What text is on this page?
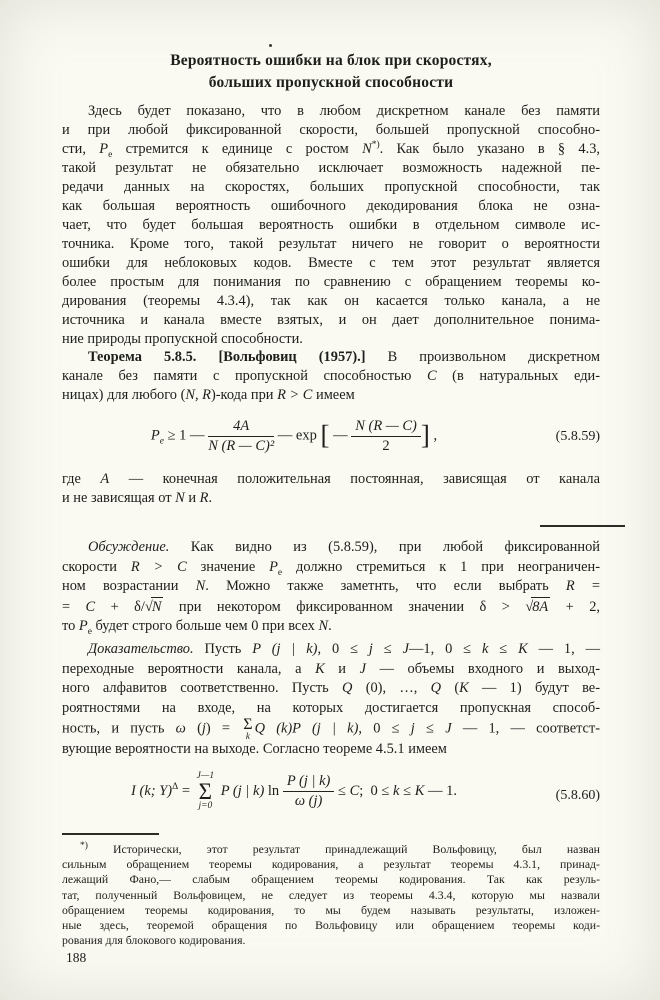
Вероятность ошибки на блок при скоростях,
больших пропускной способности
Здесь будет показано, что в любом дискретном канале без памяти
и при любой фиксированной скорости, большей пропускной способно-
сти, $P_e$ стремится к единице с ростом N*). Как было указано в § 4.3,
такой результат не обязательно исключает возможность надежной пе-
редачи данных на скоростях, больших пропускной способности, так
как большая вероятность ошибочного декодирования блока не озна-
чает, что будет большая вероятность ошибки в отдельном символе ис-
точника. Кроме того, такой результат ничего не говорит о вероятности
ошибки для неблоковых кодов. Вместе с тем этот результат является
более простым для понимания по сравнению с обращением теоремы ко-
дирования (теоремы 4.3.4), так как он касается только канала, а не
источника и канала вместе взятых, и он дает дополнительное понима-
ние природы пропускной способности.
Теорема 5.8.5. [Вольфовиц (1957).] В произвольном дискретном
канале без памяти с пропускной способностью C (в натуральных еди-
ницах) для любого (N, R)-кода при R > C имеем
$P_e \ge 1$ — $\frac{4A}{\text{N (R — C)²}}$ — exp [ — $\frac{N (R — C)}{2}$ ] ,	(5.8.59)
где A — конечная положительная постоянная, зависящая от канала
и не зависящая от N и R.
Обсуждение. Как видно из (5.8.59), при любой фиксированной
скорости R > C значение $P_e$ должно стремиться к 1 при неограничен-
ном возрастании N. Можно также заметнть, что если выбрать R =
= C + δ/√N при некотором фиксированном значении δ > √8A + 2,
то $P_e$ будет строго больше чем 0 при всех N.
Доказательство. Пусть P (j | k), 0 ≤ j ≤ J—1, 0 ≤ k ≤ K — 1, —
переходные вероятности канала, а K и J — объемы входного и выход-
ного алфавитов соответственно. Пусть Q (0), …, Q (K — 1) будут ве-
роятностями на входе, на которых достигается пропускная способ-
ность, и пусть ω (j) = Σ
k Q (k)P (j | k), 0 ≤ j ≤ J — 1, — соответст-
вующие вероятности на выходе. Согласно теореме 4.5.1 имеем
I (k; Y)$^\Delta$ =
J—1
Σ
j=0
P (j | k) $\ln \frac{P (j | k)}{\omega (j)} \le C$;  0 ≤ k ≤ K — 1.	(5.8.60)
*) Исторически, этот результат принадлежащий Вольфовицу, был назван
сильным обращением теоремы кодирования, а результат теоремы 4.3.1, принад-
лежащий Фано,— слабым обращением теоремы кодирования. Так как резуль-
тат, полученный Вольфовицем, не следует из теоремы 4.3.4, которую мы назвали
обращением теоремы кодирования, то мы будем называть результаты, изложен-
ные здесь, теоремой обращения по Вольфовицу или обращением теоремы коди-
рования для блокового кодирования.
188
